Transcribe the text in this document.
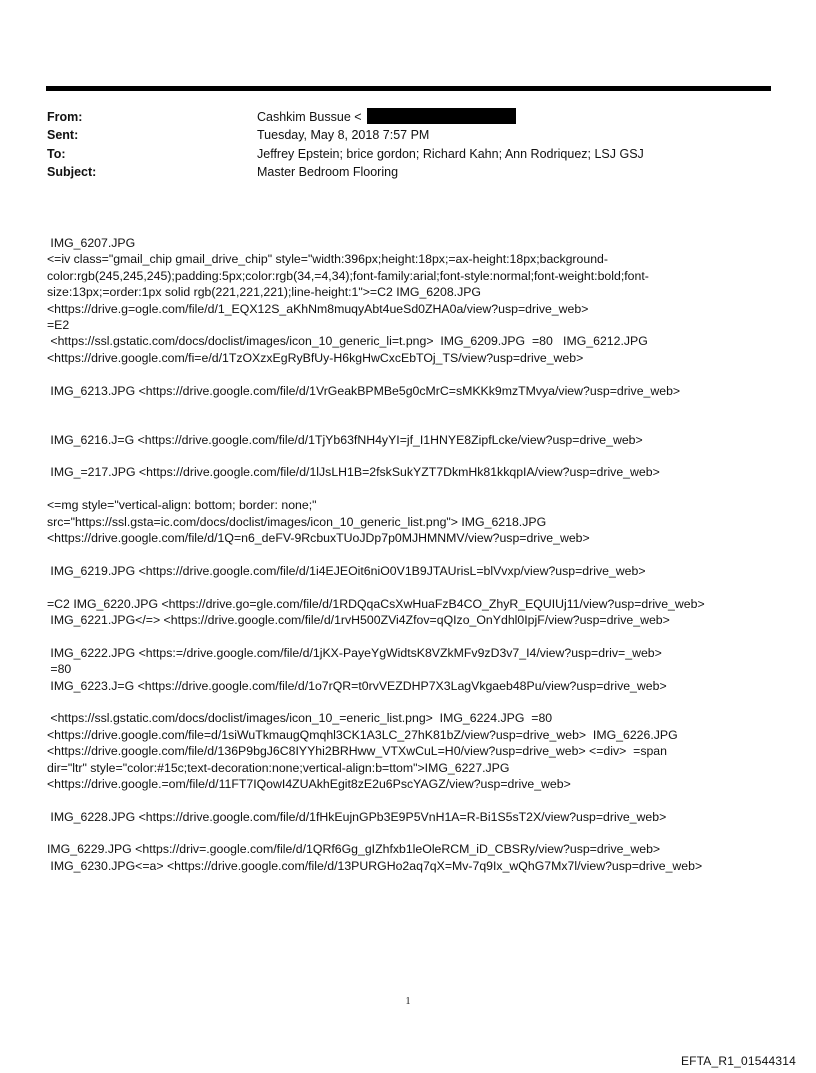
From:	Cashkim Bussue <
Sent:	Tuesday, May 8, 2018 7:57 PM
To:	Jeffrey Epstein; brice gordon; Richard Kahn; Ann Rodriquez; LSJ GSJ
Subject:	Master Bedroom Flooring
IMG_6207.JPG
<=iv class="gmail_chip gmail_drive_chip" style="width:396px;height:18px;=ax-height:18px;background-
color:rgb(245,245,245);padding:5px;color:rgb(34,=4,34);font-family:arial;font-style:normal;font-weight:bold;font-
size:13px;=order:1px solid rgb(221,221,221);line-height:1">=C2 IMG_6208.JPG
<https://drive.g=ogle.com/file/d/1_EQX12S_aKhNm8muqyAbt4ueSd0ZHA0a/view?usp=drive_web>
=E2
<https://ssl.gstatic.com/docs/doclist/images/icon_10_generic_li=t.png>  IMG_6209.JPG  =80   IMG_6212.JPG
<https://drive.google.com/fi=e/d/1TzOXzxEgRyBfUy-H6kgHwCxcEbTOj_TS/view?usp=drive_web>
IMG_6213.JPG <https://drive.google.com/file/d/1VrGeakBPMBe5g0cMrC=sMKKk9mzTMvya/view?usp=drive_web>
IMG_6216.J=G <https://drive.google.com/file/d/1TjYb63fNH4yYI=jf_I1HNYE8ZipfLcke/view?usp=drive_web>
IMG_=217.JPG <https://drive.google.com/file/d/1lJsLH1B=2fskSukYZT7DkmHk81kkqpIA/view?usp=drive_web>
<=mg style="vertical-align: bottom; border: none;"
src="https://ssl.gsta=ic.com/docs/doclist/images/icon_10_generic_list.png"> IMG_6218.JPG
<https://drive.google.com/file/d/1Q=n6_deFV-9RcbuxTUoJDp7p0MJHMNMV/view?usp=drive_web>
IMG_6219.JPG <https://drive.google.com/file/d/1i4EJEOit6niO0V1B9JTAUrisL=blVvxp/view?usp=drive_web>
=C2 IMG_6220.JPG <https://drive.go=gle.com/file/d/1RDQqaCsXwHuaFzB4CO_ZhyR_EQUIUj11/view?usp=drive_web>
IMG_6221.JPG</=> <https://drive.google.com/file/d/1rvH500ZVi4Zfov=qQIzo_OnYdhl0IpjF/view?usp=drive_web>
IMG_6222.JPG <https:=/drive.google.com/file/d/1jKX-PayeYgWidtsK8VZkMFv9zD3v7_I4/view?usp=driv=_web>
=80
IMG_6223.J=G <https://drive.google.com/file/d/1o7rQR=t0rvVEZDHP7X3LagVkgaeb48Pu/view?usp=drive_web>
<https://ssl.gstatic.com/docs/doclist/images/icon_10_=eneric_list.png>  IMG_6224.JPG  =80
<https://drive.google.com/file=d/1siWuTkmaugQmqhl3CK1A3LC_27hK81bZ/view?usp=drive_web>  IMG_6226.JPG
<https://drive.google.com/file/d/136P9bgJ6C8IYYhi2BRHww_VTXwCuL=H0/view?usp=drive_web> <=div>  =span
dir="ltr" style="color:#15c;text-decoration:none;vertical-align:b=ttom">IMG_6227.JPG
<https://drive.google.=om/file/d/11FT7IQowI4ZUAkhEgit8zE2u6PscYAGZ/view?usp=drive_web>
IMG_6228.JPG <https://drive.google.com/file/d/1fHkEujnGPb3E9P5VnH1A=R-Bi1S5sT2X/view?usp=drive_web>
IMG_6229.JPG <https://driv=.google.com/file/d/1QRf6Gg_gIZhfxb1leOleRCM_iD_CBSRy/view?usp=drive_web>
IMG_6230.JPG<=a> <https://drive.google.com/file/d/13PURGHo2aq7qX=Mv-7q9Ix_wQhG7Mx7l/view?usp=drive_web>
1
EFTA_R1_01544314
